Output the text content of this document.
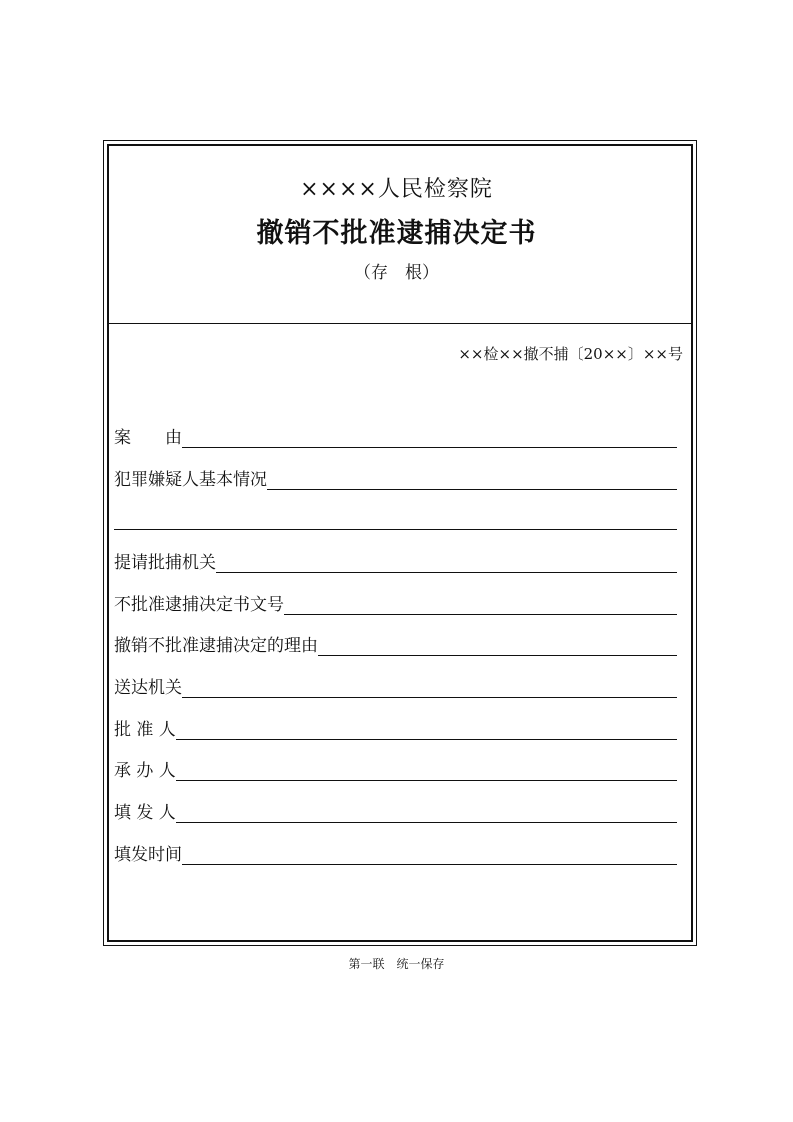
××××人民检察院
撤销不批准逮捕决定书
（存　根）
××检××撤不捕〔20××〕××号
案　　由
犯罪嫌疑人基本情况
提请批捕机关
不批准逮捕决定书文号
撤销不批准逮捕决定的理由
送达机关
批 准 人
承 办 人
填 发 人
填发时间
第一联　统一保存
